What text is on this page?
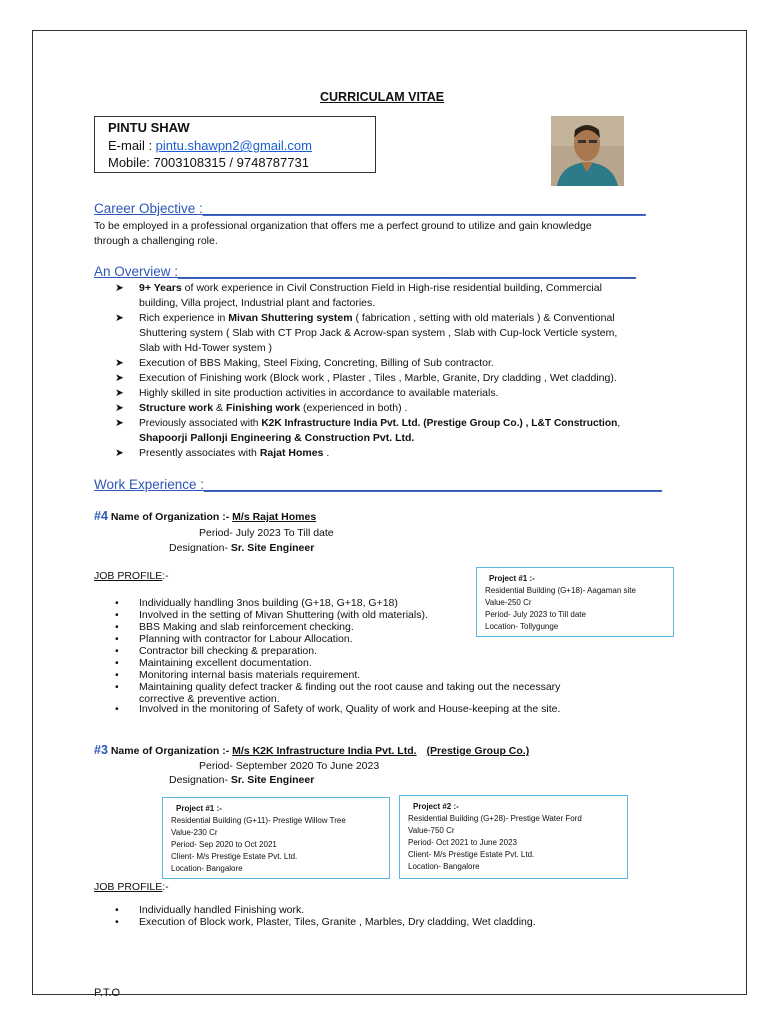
CURRICULAM VITAE
PINTU SHAW
E-mail : pintu.shawpn2@gmail.com
Mobile: 7003108315 / 9748787731
Career Objective :___________________________________________________________
To be employed in a professional organization that offers me a perfect ground to utilize and gain knowledge
through a challenging role.
An Overview :_____________________________________________________________
➤ 9+ Years of work experience in Civil Construction Field in High-rise residential building, Commercial
building, Villa project, Industrial plant and factories.
➤ Rich experience in Mivan Shuttering system ( fabrication , setting with old materials ) & Conventional
Shuttering system ( Slab with CT Prop Jack & Acrow-span system , Slab with Cup-lock Verticle system,
Slab with Hd-Tower system )
➤ Execution of BBS Making, Steel Fixing, Concreting, Billing of Sub contractor.
➤ Execution of Finishing work (Block work , Plaster , Tiles , Marble, Granite, Dry cladding , Wet cladding).
➤ Highly skilled in site production activities in accordance to available materials.
➤ Structure work & Finishing work (experienced in both) .
➤ Previously associated with K2K Infrastructure India Pvt. Ltd. (Prestige Group Co.) , L&T Construction,
Shapoorji Pallonji Engineering & Construction Pvt. Ltd.
➤ Presently associates with Rajat Homes .
Work Experience :_____________________________________________________________
#4 Name of Organization :- M/s Rajat Homes
Period- July 2023 To Till date
Designation- Sr. Site Engineer
JOB PROFILE:-	Project #1 :-
Residential Building (G+18)- Aagaman site
Value-250 Cr
Period- July 2023 to Till date
Location- Tollygunge
• Individually handling 3nos building (G+18, G+18, G+18)
• Involved in the setting of Mivan Shuttering (with old materials).
• BBS Making and slab reinforcement checking.
• Planning with contractor for Labour Allocation.
• Contractor bill checking & preparation.
• Maintaining excellent documentation.
• Monitoring internal basis materials requirement.
• Maintaining quality defect tracker & finding out the root cause and taking out the necessary
corrective & preventive action.
• Involved in the monitoring of Safety of work, Quality of work and House-keeping at the site.
#3 Name of Organization :- M/s K2K Infrastructure India Pvt. Ltd. (Prestige Group Co.)
Period- September 2020 To June 2023
Designation- Sr. Site Engineer
Project #1 :-
Residential Building (G+11)- Prestige Willow Tree
Value-230 Cr
Period- Sep 2020 to Oct 2021
Client- M/s Prestige Estate Pvt. Ltd.
Location- Bangalore
Project #2 :-
Residential Building (G+28)- Prestige Water Ford
Value-750 Cr
Period- Oct 2021 to June 2023
Client- M/s Prestige Estate Pvt. Ltd.
Location- Bangalore
JOB PROFILE:-
• Individually handled Finishing work.
• Execution of Block work, Plaster, Tiles, Granite , Marbles, Dry cladding, Wet cladding.
P.T.O
